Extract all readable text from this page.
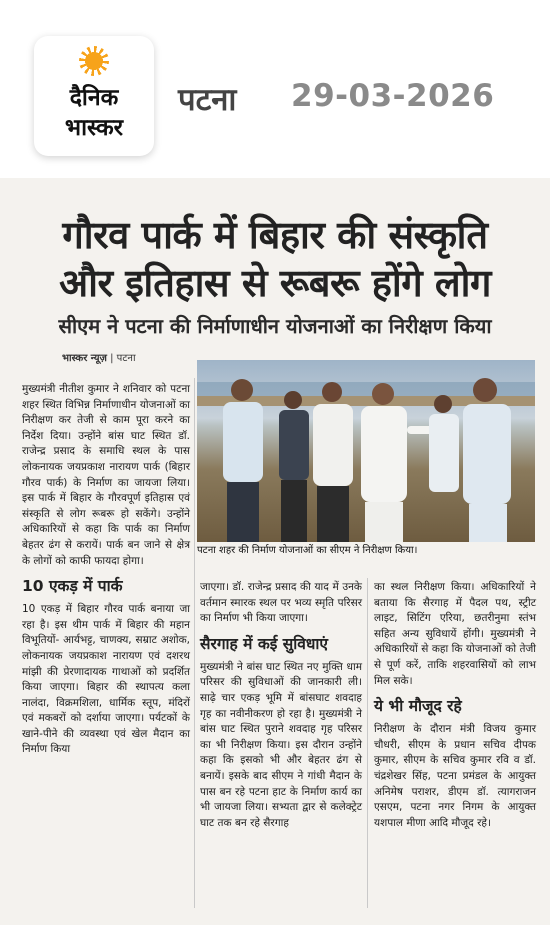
दैनिक
भास्कर
पटना 29-03-2026
गौरव पार्क में बिहार की संस्कृति
और इतिहास से रूबरू होंगे लोग
सीएम ने पटना की निर्माणाधीन योजनाओं का निरीक्षण किया
भास्कर न्यूज़ | पटना
पटना शहर की निर्माण योजनाओं का सीएम ने निरीक्षण किया।

मुख्यमंत्री नीतीश कुमार ने शनिवार को पटना शहर स्थित विभिन्न निर्माणाधीन योजनाओं का निरीक्षण कर तेजी से काम पूरा करने का निर्देश दिया। उन्होंने बांस घाट स्थित डॉ. राजेन्द्र प्रसाद के समाधि स्थल के पास लोकनायक जयप्रकाश नारायण पार्क (बिहार गौरव पार्क) के निर्माण का जायजा लिया। इस पार्क में बिहार के गौरवपूर्ण इतिहास एवं संस्कृति से लोग रूबरू हो सकेंगे। उन्होंने अधिकारियों से कहा कि पार्क का निर्माण बेहतर ढंग से करायें। पार्क बन जाने से क्षेत्र के लोगों को काफी फायदा होगा।

10 एकड़ में पार्क

10 एकड़ में बिहार गौरव पार्क बनाया जा रहा है। इस थीम पार्क में बिहार की महान विभूतियों- आर्यभट्ट, चाणक्य, सम्राट अशोक, लोकनायक जयप्रकाश नारायण एवं दशरथ मांझी की प्रेरणादायक गाथाओं को प्रदर्शित किया जाएगा। बिहार की स्थापत्य कला नालंदा, विक्रमशिला, धार्मिक स्तूप, मंदिरों एवं मकबरों को दर्शाया जाएगा। पर्यटकों के खाने-पीने की व्यवस्था एवं खेल मैदान का निर्माण किया

जाएगा। डॉ. राजेन्द्र प्रसाद की याद में उनके वर्तमान स्मारक स्थल पर भव्य स्मृति परिसर का निर्माण भी किया जाएगा।

सैरगाह में कई सुविधाएं

मुख्यमंत्री ने बांस घाट स्थित नए मुक्ति धाम परिसर की सुविधाओं की जानकारी ली। साढ़े चार एकड़ भूमि में बांसघाट शवदाह गृह का नवीनीकरण हो रहा है। मुख्यमंत्री ने बांस घाट स्थित पुराने शवदाह गृह परिसर का भी निरीक्षण किया। इस दौरान उन्होंने कहा कि इसको भी और बेहतर ढंग से बनायें। इसके बाद सीएम ने गांधी मैदान के पास बन रहे पटना हाट के निर्माण कार्य का भी जायजा लिया। सभ्यता द्वार से कलेक्ट्रेट घाट तक बन रहे सैरगाह

का स्थल निरीक्षण किया। अधिकारियों ने बताया कि सैरगाह में पैदल पथ, स्ट्रीट लाइट, सिटिंग एरिया, छतरीनुमा स्तंभ सहित अन्य सुविधायें होंगी। मुख्यमंत्री ने अधिकारियों से कहा कि योजनाओं को तेजी से पूर्ण करें, ताकि शहरवासियों को लाभ मिल सके।

ये भी मौजूद रहे

निरीक्षण के दौरान मंत्री विजय कुमार चौधरी, सीएम के प्रधान सचिव दीपक कुमार, सीएम के सचिव कुमार रवि व डॉ. चंद्रशेखर सिंह, पटना प्रमंडल के आयुक्त अनिमेष पराशर, डीएम डॉ. त्यागराजन एसएम, पटना नगर निगम के आयुक्त यशपाल मीणा आदि मौजूद रहे।
